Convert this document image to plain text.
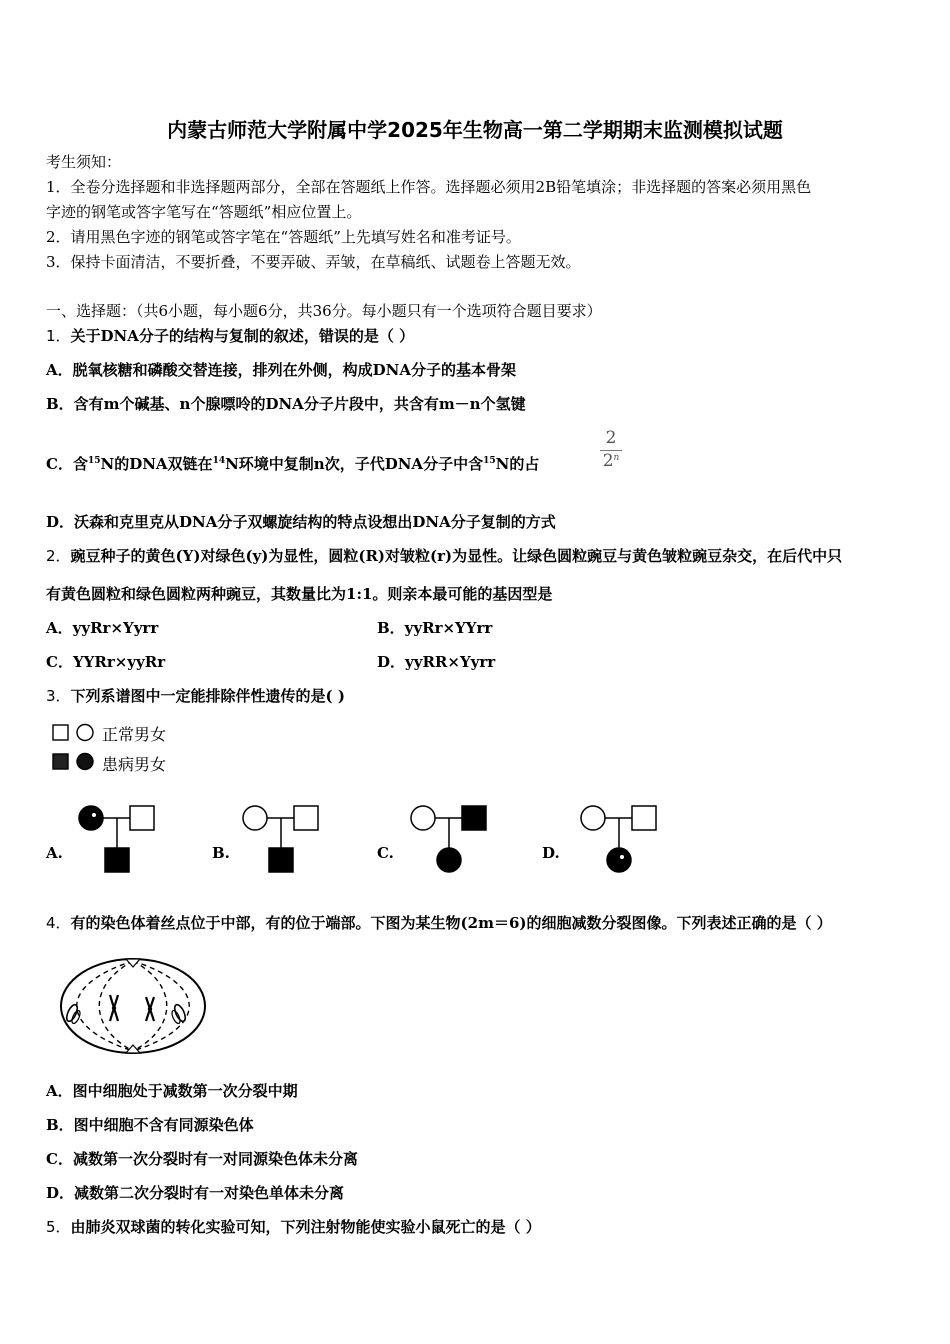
内蒙古师范大学附属中学2025年生物高一第二学期期末监测模拟试题
考生须知：
1．全卷分选择题和非选择题两部分，全部在答题纸上作答。选择题必须用2B铅笔填涂；非选择题的答案必须用黑色
字迹的钢笔或答字笔写在“答题纸”相应位置上。
2．请用黑色字迹的钢笔或答字笔在“答题纸”上先填写姓名和准考证号。
3．保持卡面清洁，不要折叠，不要弄破、弄皱，在草稿纸、试题卷上答题无效。
一、选择题：（共6小题，每小题6分，共36分。每小题只有一个选项符合题目要求）
1．关于DNA分子的结构与复制的叙述，错误的是（ ）
A．脱氧核糖和磷酸交替连接，排列在外侧，构成DNA分子的基本骨架
B．含有m个碱基、n个腺嘌呤的DNA分子片段中，共含有m－n个氢键
C．含$^{15}$N的DNA双链在$^{14}$N环境中复制n次，子代DNA分子中含$^{15}$N的占	$\frac{2}{2^n}$
D．沃森和克里克从DNA分子双螺旋结构的特点设想出DNA分子复制的方式
2．豌豆种子的黄色(Y)对绿色(y)为显性，圆粒(R)对皱粒(r)为显性。让绿色圆粒豌豆与黄色皱粒豌豆杂交，在后代中只
有黄色圆粒和绿色圆粒两种豌豆，其数量比为1:1。则亲本最可能的基因型是
A．yyRr×Yyrr	B．yyRr×YYrr
C．YYRr×yyRr	D．yyRR×Yyrr
3．下列系谱图中一定能排除伴性遗传的是( )
正常男女
患病男女
A.	B.	C.	D.
4．有的染色体着丝点位于中部，有的位于端部。下图为某生物(2m＝6)的细胞减数分裂图像。下列表述正确的是（ ）
A．图中细胞处于减数第一次分裂中期
B．图中细胞不含有同源染色体
C．减数第一次分裂时有一对同源染色体未分离
D．减数第二次分裂时有一对染色单体未分离
5．由肺炎双球菌的转化实验可知，下列注射物能使实验小鼠死亡的是（ ）
